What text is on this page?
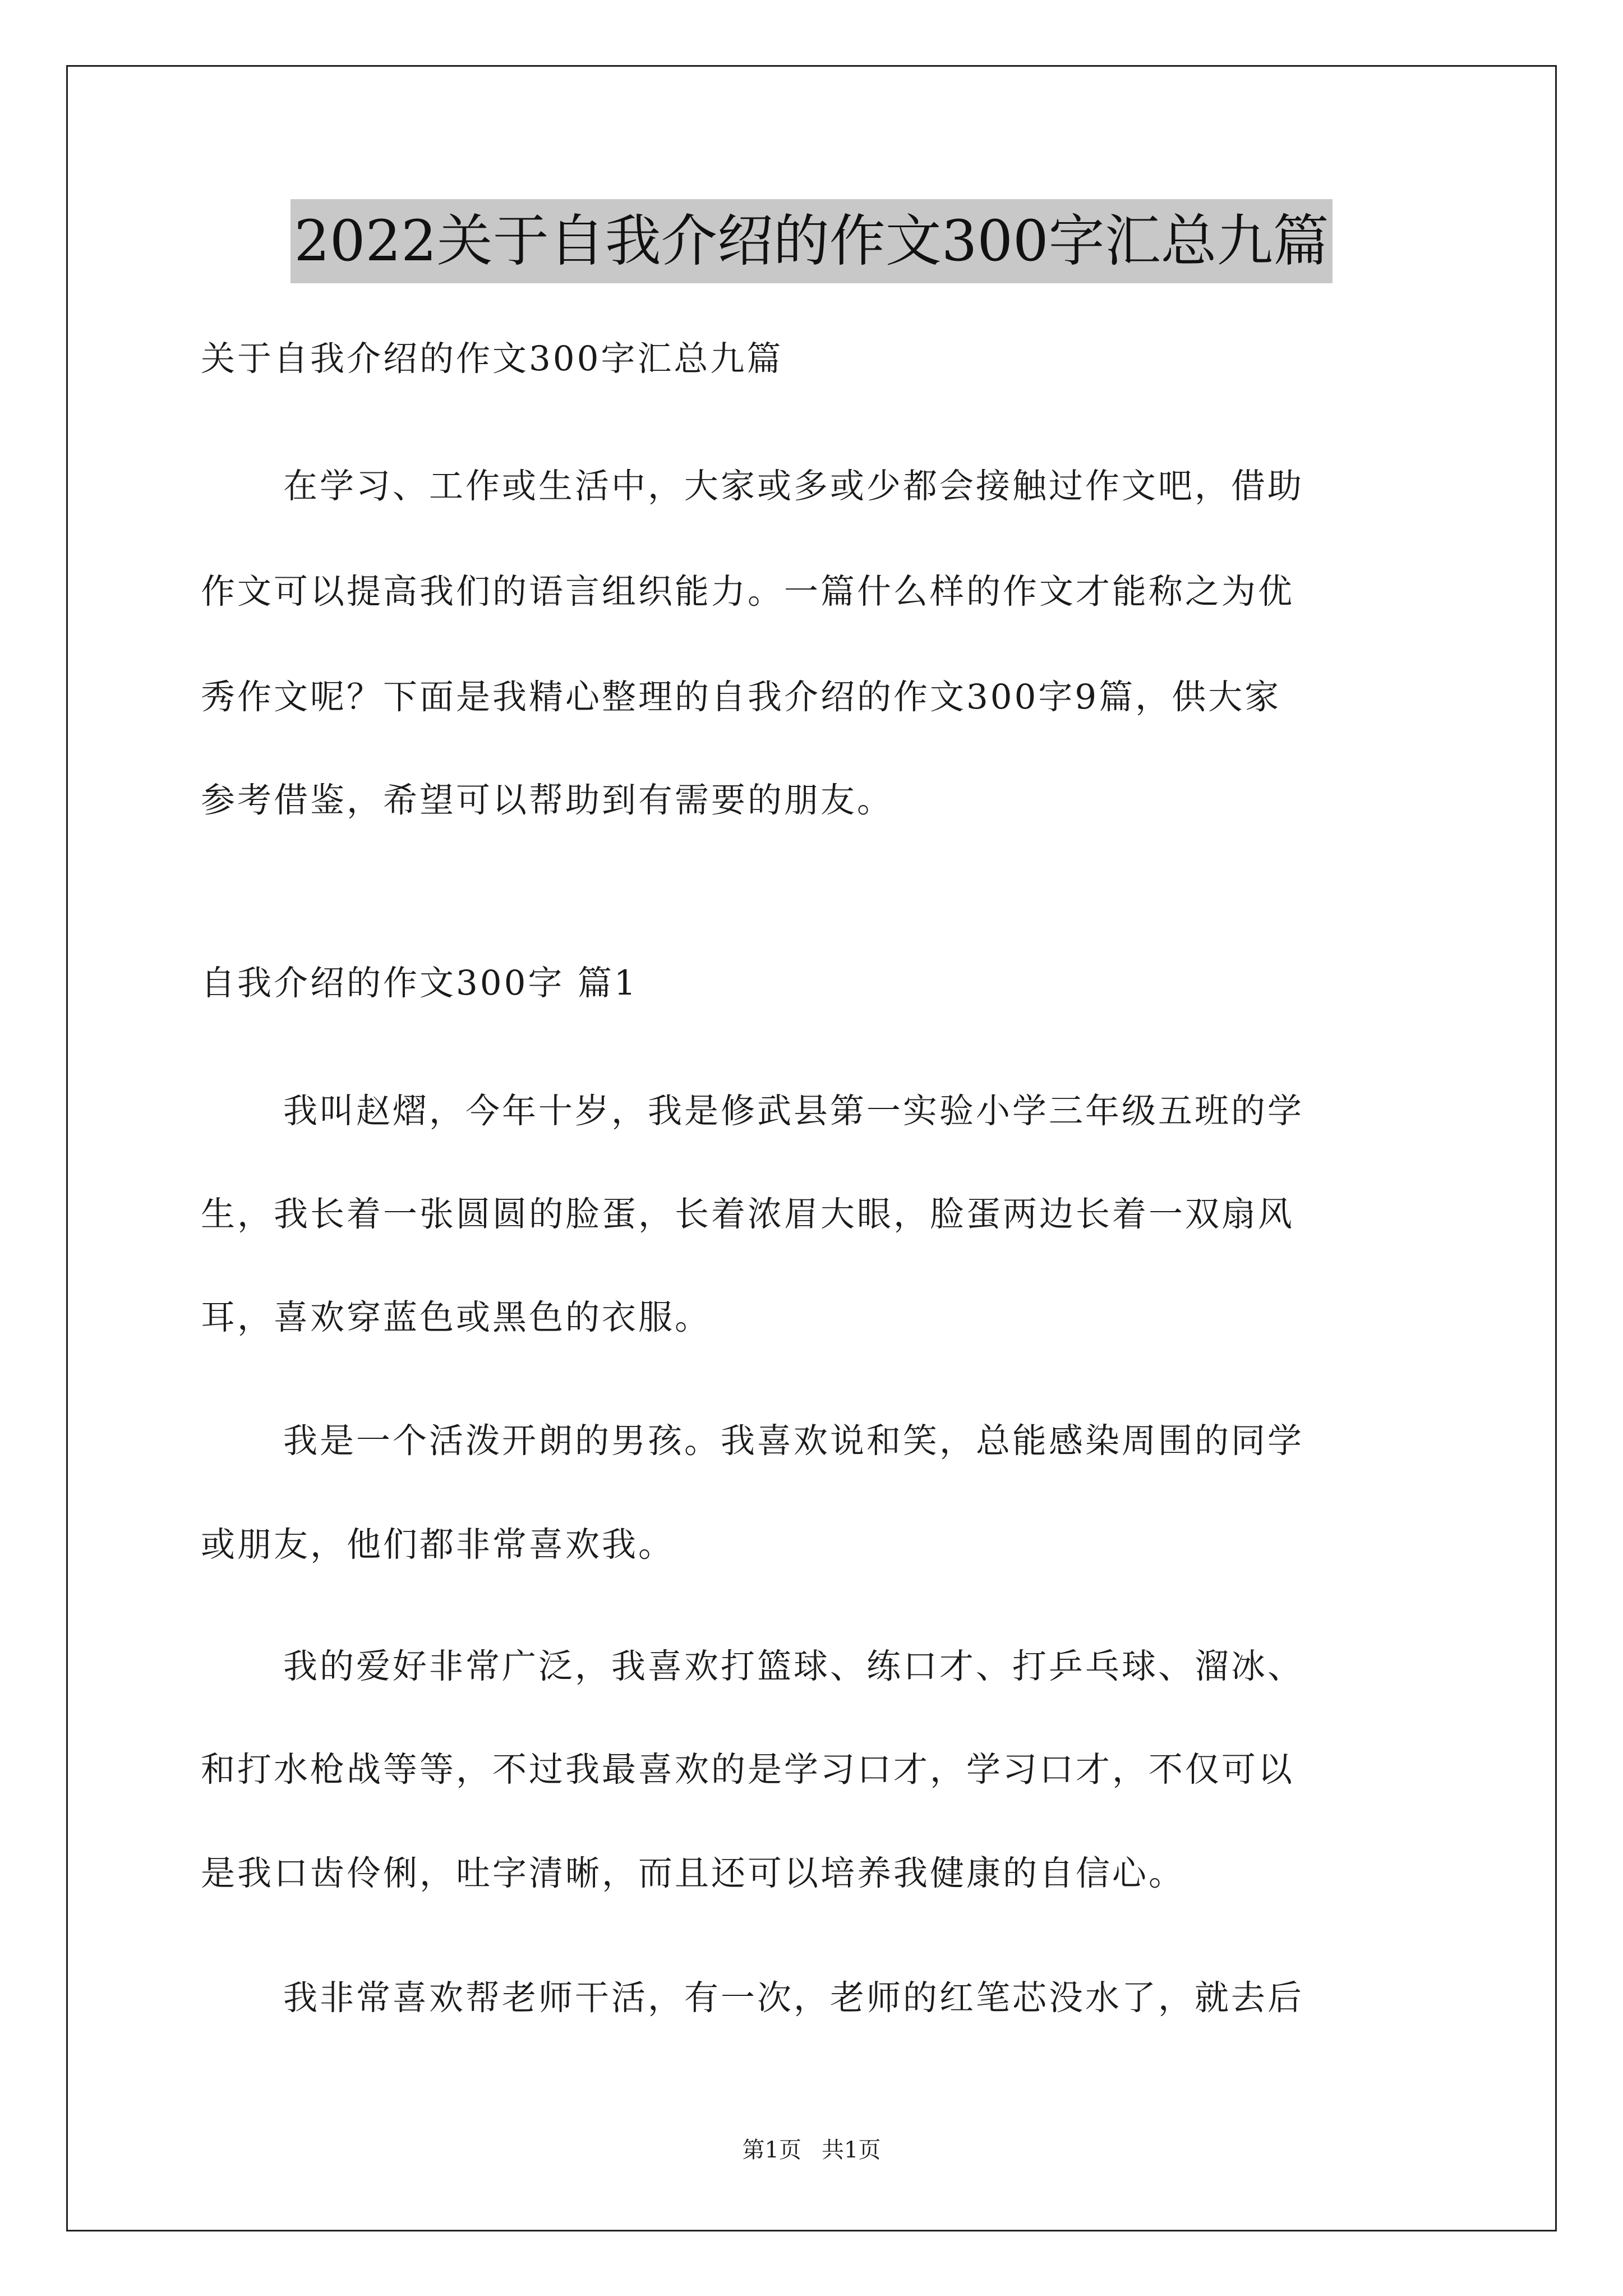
2022关于自我介绍的作文300字汇总九篇
关于自我介绍的作文300字汇总九篇
在学习、工作或生活中，大家或多或少都会接触过作文吧，借助
作文可以提高我们的语言组织能力。一篇什么样的作文才能称之为优
秀作文呢？下面是我精心整理的自我介绍的作文300字9篇，供大家
参考借鉴，希望可以帮助到有需要的朋友。
自我介绍的作文300字 篇1
我叫赵熠，今年十岁，我是修武县第一实验小学三年级五班的学
生，我长着一张圆圆的脸蛋，长着浓眉大眼，脸蛋两边长着一双扇风
耳，喜欢穿蓝色或黑色的衣服。
我是一个活泼开朗的男孩。我喜欢说和笑，总能感染周围的同学
或朋友，他们都非常喜欢我。
我的爱好非常广泛，我喜欢打篮球、练口才、打乒乓球、溜冰、
和打水枪战等等，不过我最喜欢的是学习口才，学习口才，不仅可以
是我口齿伶俐，吐字清晰，而且还可以培养我健康的自信心。
我非常喜欢帮老师干活，有一次，老师的红笔芯没水了，就去后
第1页 共1页
